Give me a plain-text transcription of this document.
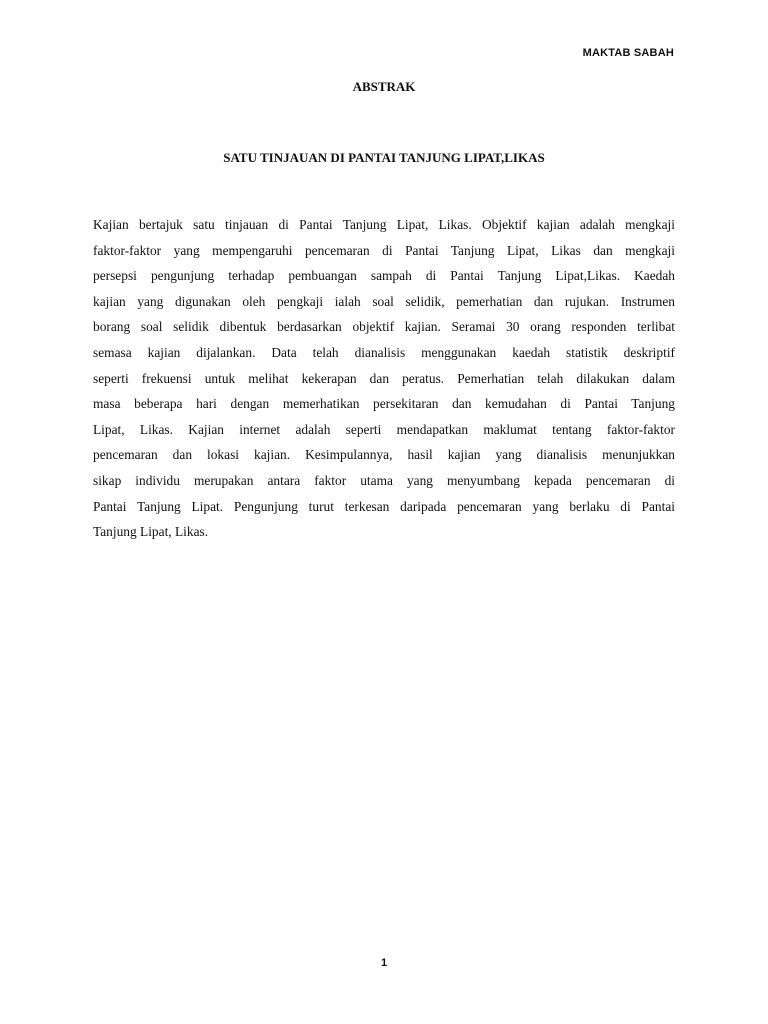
MAKTAB SABAH
ABSTRAK
SATU TINJAUAN DI PANTAI TANJUNG LIPAT,LIKAS

Kajian bertajuk satu tinjauan di Pantai Tanjung Lipat, Likas. Objektif kajian adalah mengkaji
faktor-faktor yang mempengaruhi pencemaran di Pantai Tanjung Lipat, Likas dan mengkaji
persepsi pengunjung terhadap pembuangan sampah di Pantai Tanjung Lipat,Likas. Kaedah
kajian yang digunakan oleh pengkaji ialah soal selidik, pemerhatian dan rujukan. Instrumen
borang soal selidik dibentuk berdasarkan objektif kajian. Seramai 30 orang responden terlibat
semasa kajian dijalankan. Data telah dianalisis menggunakan kaedah statistik deskriptif
seperti frekuensi untuk melihat kekerapan dan peratus. Pemerhatian telah dilakukan dalam
masa beberapa hari dengan memerhatikan persekitaran dan kemudahan di Pantai Tanjung
Lipat, Likas. Kajian internet adalah seperti mendapatkan maklumat tentang faktor-faktor
pencemaran dan lokasi kajian. Kesimpulannya, hasil kajian yang dianalisis menunjukkan
sikap individu merupakan antara faktor utama yang menyumbang kepada pencemaran di
Pantai Tanjung Lipat. Pengunjung turut terkesan daripada pencemaran yang berlaku di Pantai
Tanjung Lipat, Likas.

1
